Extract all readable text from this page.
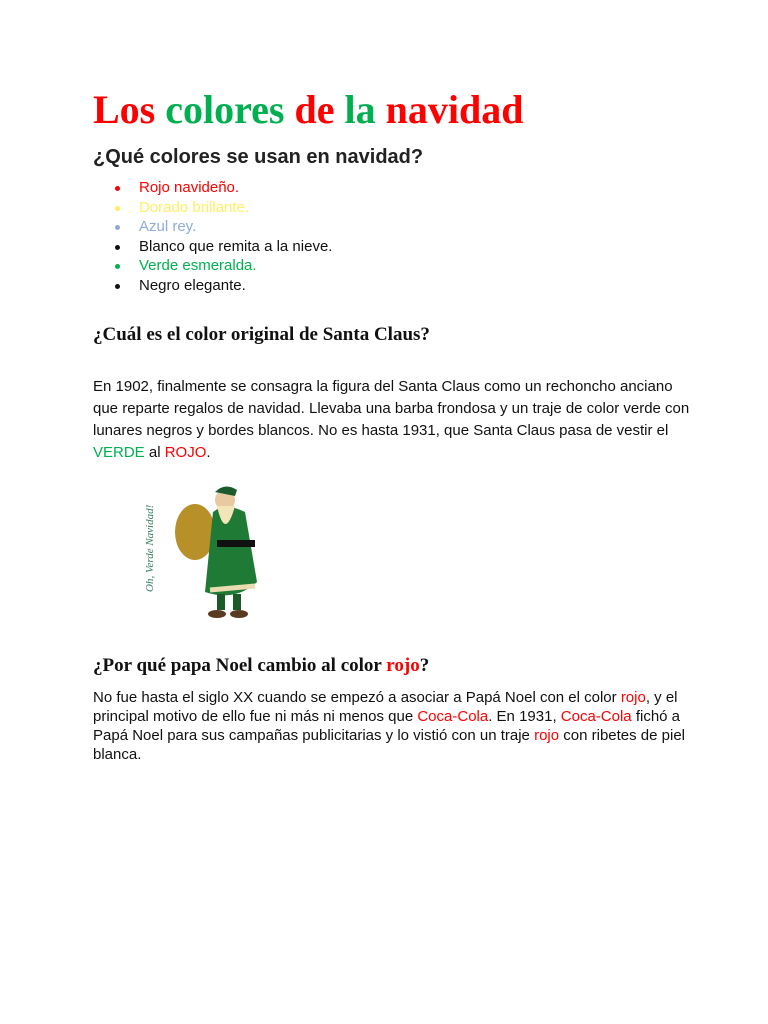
Los colores de la navidad
¿Qué colores se usan en navidad?
Rojo navideño.
Dorado brillante.
Azul rey.
Blanco que remita a la nieve.
Verde esmeralda.
Negro elegante.
¿Cuál es el color original de Santa Claus?

En 1902, finalmente se consagra la figura del Santa Claus como un rechoncho anciano que reparte regalos de navidad. Llevaba una barba frondosa y un traje de color verde con lunares negros y bordes blancos. No es hasta 1931, que Santa Claus pasa de vestir el VERDE al ROJO.

Oh, Verde Navidad!
¿Por qué papa Noel cambio al color rojo?

No fue hasta el siglo XX cuando se empezó a asociar a Papá Noel con el color rojo, y el principal motivo de ello fue ni más ni menos que Coca-Cola. En 1931, Coca-Cola fichó a Papá Noel para sus campañas publicitarias y lo vistió con un traje rojo con ribetes de piel blanca.
